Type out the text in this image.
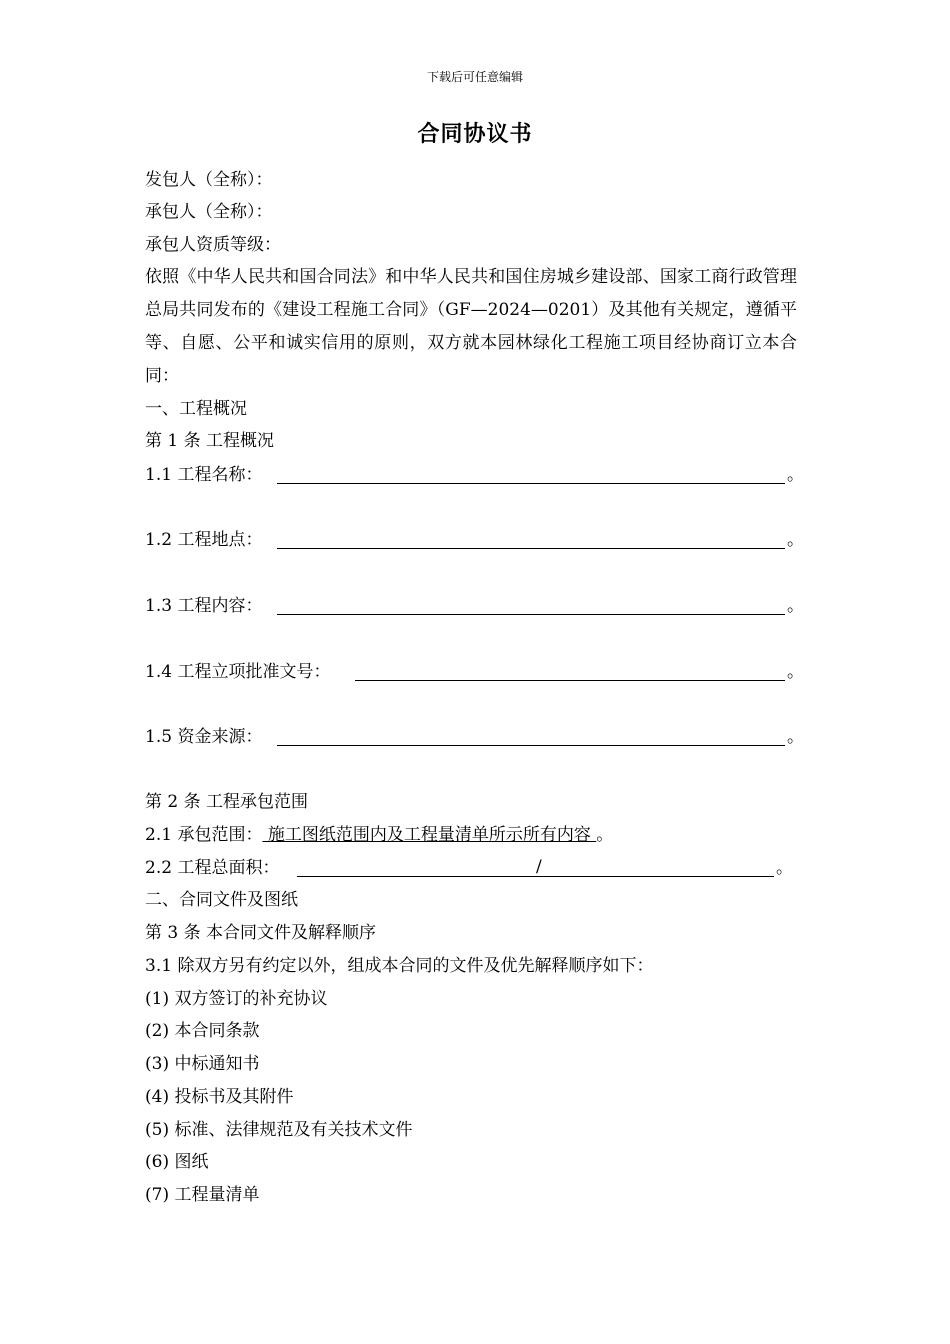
下载后可任意编辑
合同协议书
发包人（全称）：
承包人（全称）：
承包人资质等级：
依照《中华人民共和国合同法》和中华人民共和国住房城乡建设部、国家工商行政管理总局共同发布的《建设工程施工合同》（GF—2024—0201）及其他有关规定，遵循平等、自愿、公平和诚实信用的原则，双方就本园林绿化工程施工项目经协商订立本合同：
一、工程概况
第 1 条 工程概况
1.1 工程名称：	。
1.2 工程地点：	。
1.3 工程内容：	。
1.4 工程立项批准文号：	。
1.5 资金来源：	。
第 2 条 工程承包范围
2.1 承包范围： 施工图纸范围内及工程量清单所示所有内容 。
2.2 工程总面积：	/	。
二、合同文件及图纸
第 3 条 本合同文件及解释顺序
3.1 除双方另有约定以外，组成本合同的文件及优先解释顺序如下：
(1) 双方签订的补充协议
(2) 本合同条款
(3) 中标通知书
(4) 投标书及其附件
(5) 标准、法律规范及有关技术文件
(6) 图纸
(7) 工程量清单
